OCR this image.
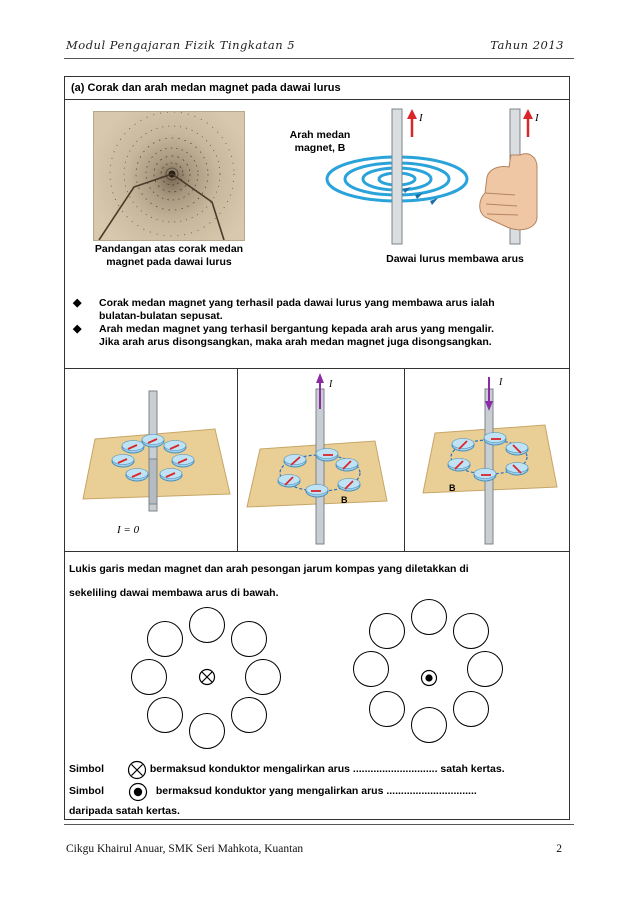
Modul Pengajaran Fizik Tingkatan 5	Tahun 2013
(a) Corak dan arah medan magnet pada dawai lurus
Pandangan atas corak medan
magnet pada dawai lurus
Arah medan
magnet, B
I	I
Dawai lurus membawa arus
◆ Corak medan magnet yang terhasil pada dawai lurus yang membawa arus ialah
bulatan-bulatan sepusat.
◆ Arah medan magnet yang terhasil bergantung kepada arah arus yang mengalir.
Jika arah arus disongsangkan, maka arah medan magnet juga disongsangkan.
I = 0
I
B
I
B
Lukis garis medan magnet dan arah pesongan jarum kompas yang diletakkan di
sekeliling dawai membawa arus di bawah.
Simbol	bermaksud konduktor mengalirkan arus ............................. satah kertas.
Simbol	bermaksud konduktor yang mengalirkan arus ...............................
daripada satah kertas.
Cikgu Khairul Anuar, SMK Seri Mahkota, Kuantan	2
